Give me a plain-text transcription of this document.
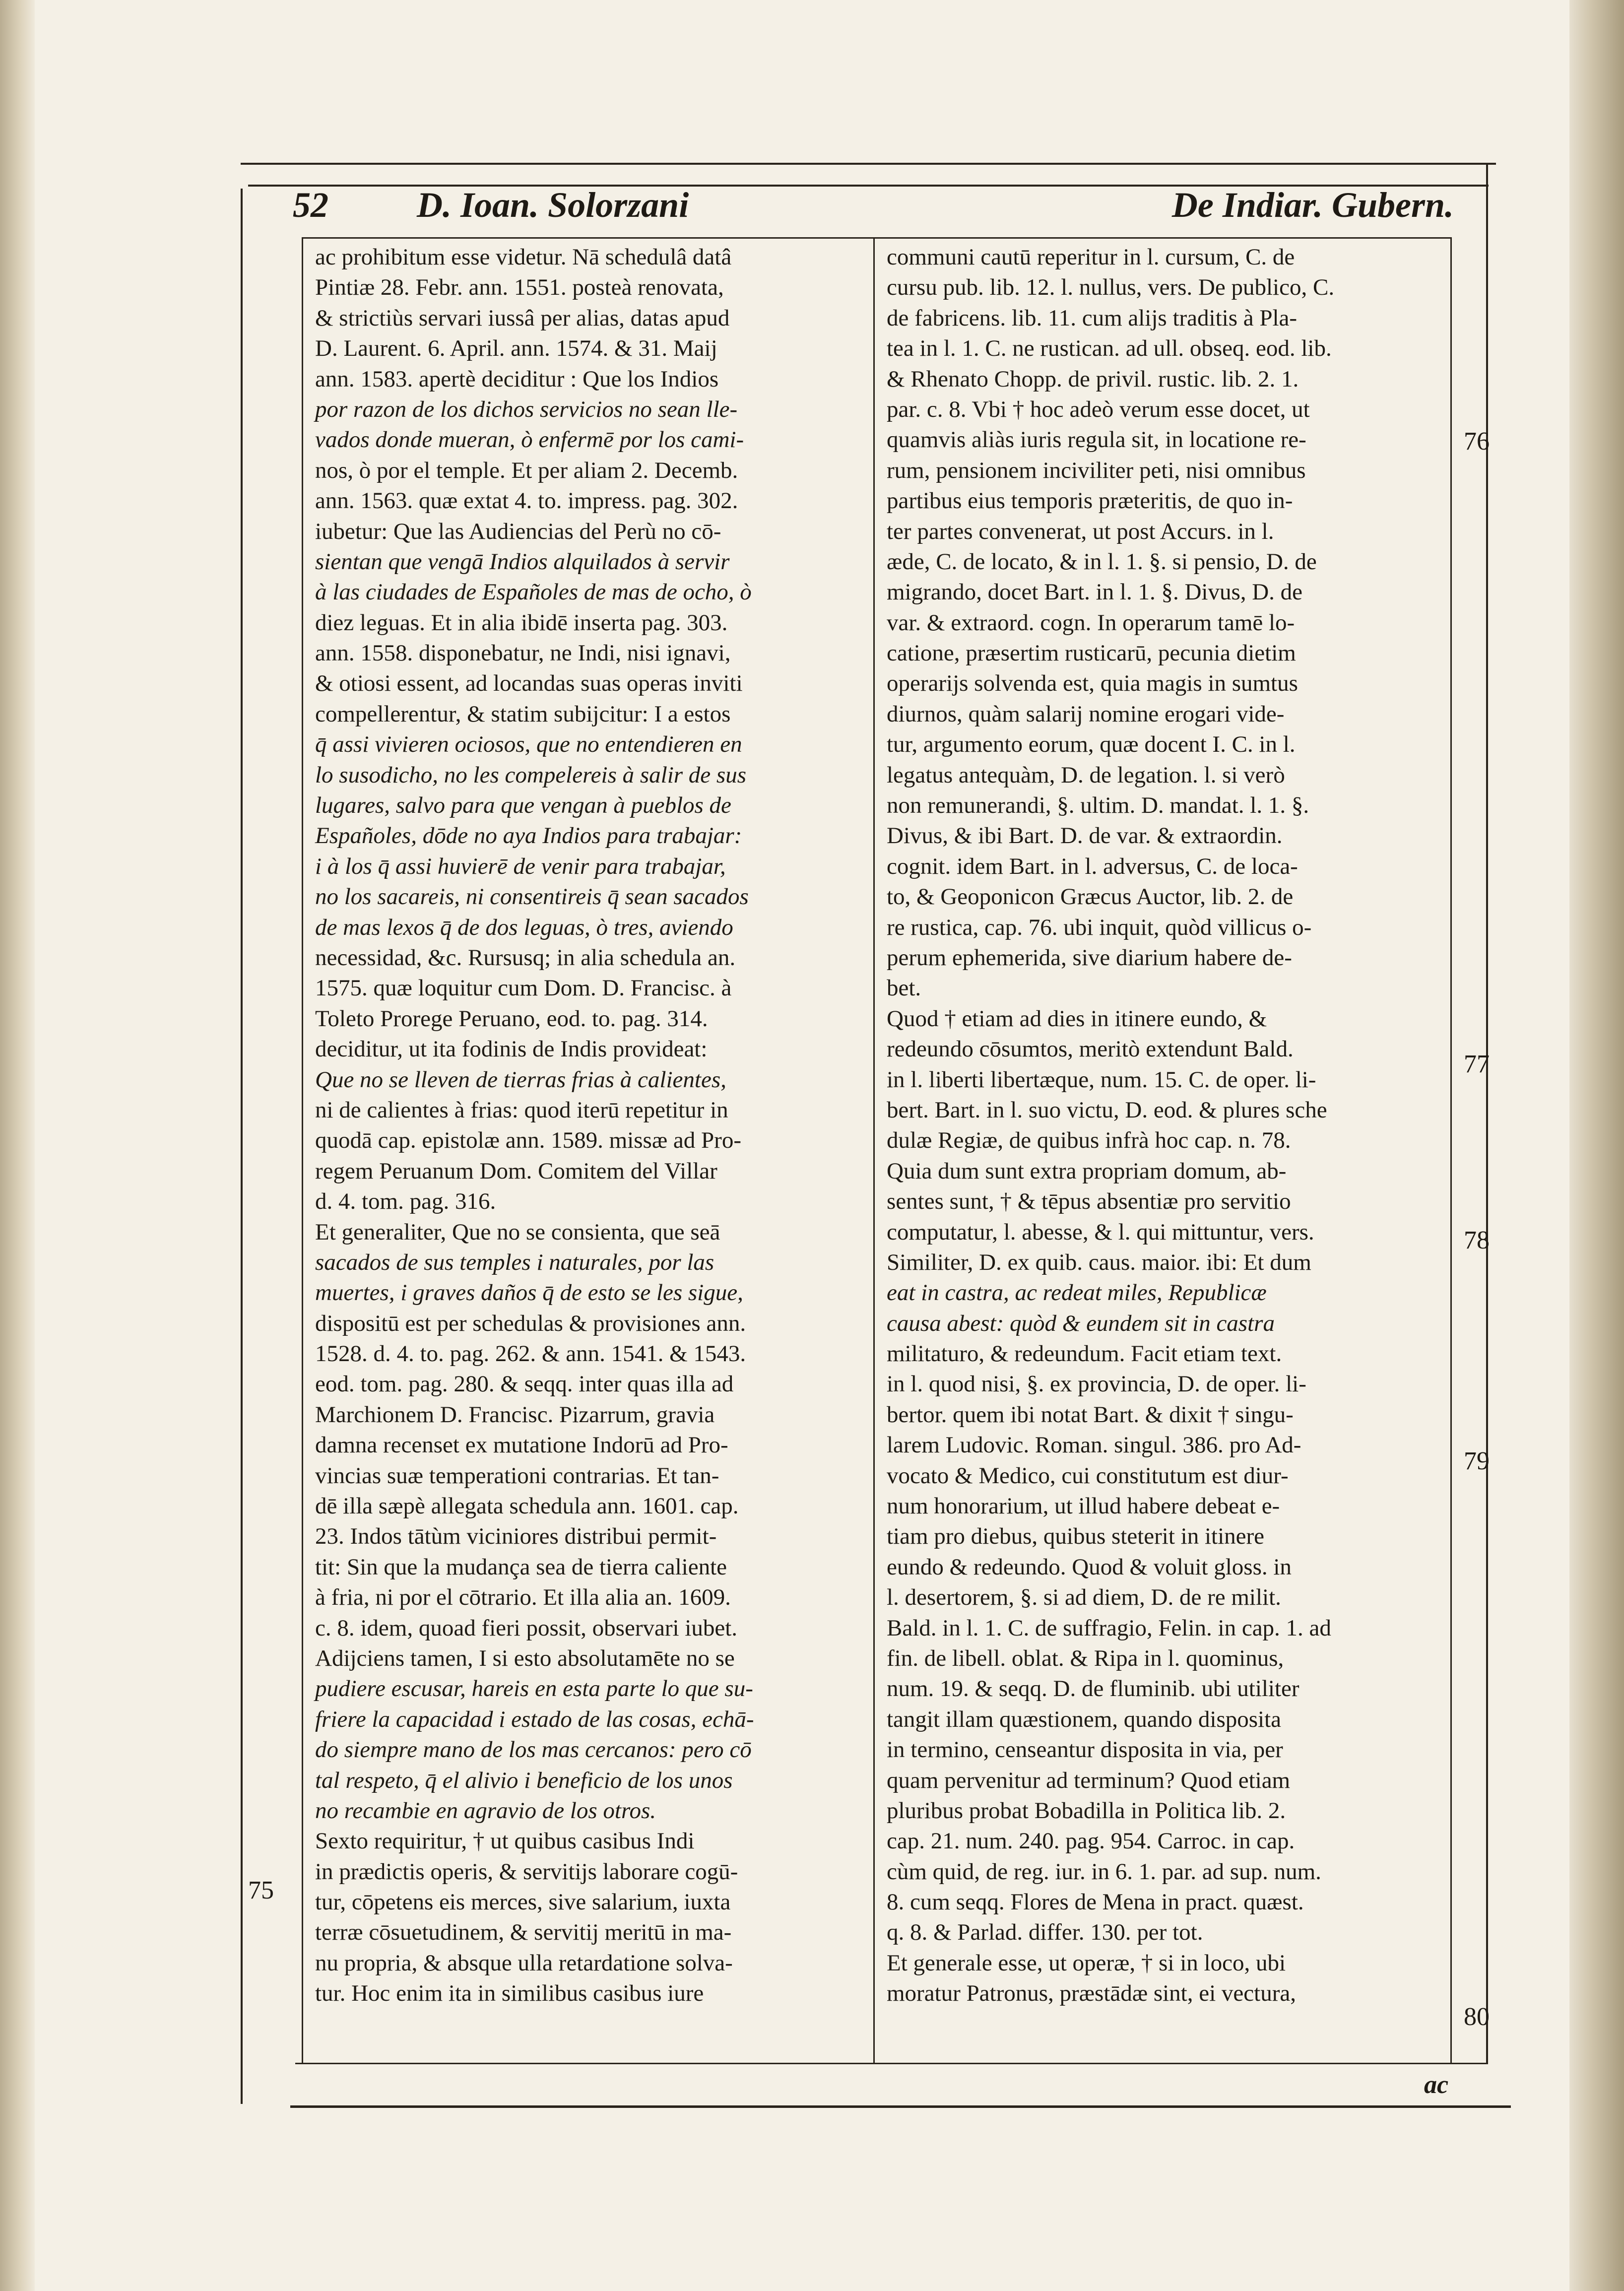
52 D. Ioan. Solorzani	De Indiar. Gubern.
ac prohibitum esse videtur. Nā schedulâ datâ
Pintiæ 28. Febr. ann. 1551. posteà renovata,
& strictiùs servari iussâ per alias, datas apud
D. Laurent. 6. April. ann. 1574. & 31. Maij
ann. 1583. apertè deciditur : Que los Indios
por razon de los dichos servicios no sean lle-
vados donde mueran, ò enfermē por los cami-
nos, ò por el temple. Et per aliam 2. Decemb.
ann. 1563. quæ extat 4. to. impress. pag. 302.
iubetur: Que las Audiencias del Perù no cō-
sientan que vengā Indios alquilados à servir
à las ciudades de Españoles de mas de ocho, ò
diez leguas. Et in alia ibidē inserta pag. 303.
ann. 1558. disponebatur, ne Indi, nisi ignavi,
& otiosi essent, ad locandas suas operas inviti
compellerentur, & statim subijcitur: I a estos
q̄ assi vivieren ociosos, que no entendieren en
lo susodicho, no les compelereis à salir de sus
lugares, salvo para que vengan à pueblos de
Españoles, dōde no aya Indios para trabajar:
i à los q̄ assi huvierē de venir para trabajar,
no los sacareis, ni consentireis q̄ sean sacados
de mas lexos q̄ de dos leguas, ò tres, aviendo
necessidad, &c. Rursusq; in alia schedula an.
1575. quæ loquitur cum Dom. D. Francisc. à
Toleto Prorege Peruano, eod. to. pag. 314.
deciditur, ut ita fodinis de Indis provideat:
Que no se lleven de tierras frias à calientes,
ni de calientes à frias: quod iterū repetitur in
quodā cap. epistolæ ann. 1589. missæ ad Pro-
regem Peruanum Dom. Comitem del Villar
d. 4. tom. pag. 316.
Et generaliter, Que no se consienta, que seā
sacados de sus temples i naturales, por las
muertes, i graves daños q̄ de esto se les sigue,
dispositū est per schedulas & provisiones ann.
1528. d. 4. to. pag. 262. & ann. 1541. & 1543.
eod. tom. pag. 280. & seqq. inter quas illa ad
Marchionem D. Francisc. Pizarrum, gravia
damna recenset ex mutatione Indorū ad Pro-
vincias suæ temperationi contrarias. Et tan-
dē illa sæpè allegata schedula ann. 1601. cap.
23. Indos tātùm viciniores distribui permit-
tit: Sin que la mudança sea de tierra caliente
à fria, ni por el cōtrario. Et illa alia an. 1609.
c. 8. idem, quoad fieri possit, observari iubet.
Adijciens tamen, I si esto absolutamēte no se
pudiere escusar, hareis en esta parte lo que su-
friere la capacidad i estado de las cosas, echā-
do siempre mano de los mas cercanos: pero cō
tal respeto, q̄ el alivio i beneficio de los unos
no recambie en agravio de los otros.
Sexto requiritur, † ut quibus casibus Indi
in prædictis operis, & servitijs laborare cogū-
tur, cōpetens eis merces, sive salarium, iuxta
terræ cōsuetudinem, & servitij meritū in ma-
nu propria, & absque ulla retardatione solva-
tur. Hoc enim ita in similibus casibus iure
communi cautū reperitur in l. cursum, C. de
cursu pub. lib. 12. l. nullus, vers. De publico, C.
de fabricens. lib. 11. cum alijs traditis à Pla-
tea in l. 1. C. ne rustican. ad ull. obseq. eod. lib.
& Rhenato Chopp. de privil. rustic. lib. 2. 1.
par. c. 8. Vbi † hoc adeò verum esse docet, ut
quamvis aliàs iuris regula sit, in locatione re-
rum, pensionem inciviliter peti, nisi omnibus
partibus eius temporis præteritis, de quo in-
ter partes convenerat, ut post Accurs. in l.
æde, C. de locato, & in l. 1. §. si pensio, D. de
migrando, docet Bart. in l. 1. §. Divus, D. de
var. & extraord. cogn. In operarum tamē lo-
catione, præsertim rusticarū, pecunia dietim
operarijs solvenda est, quia magis in sumtus
diurnos, quàm salarij nomine erogari vide-
tur, argumento eorum, quæ docent I. C. in l.
legatus antequàm, D. de legation. l. si verò
non remunerandi, §. ultim. D. mandat. l. 1. §.
Divus, & ibi Bart. D. de var. & extraordin.
cognit. idem Bart. in l. adversus, C. de loca-
to, & Geoponicon Græcus Auctor, lib. 2. de
re rustica, cap. 76. ubi inquit, quòd villicus o-
perum ephemerida, sive diarium habere de-
bet.
Quod † etiam ad dies in itinere eundo, &
redeundo cōsumtos, meritò extendunt Bald.
in l. liberti libertæque, num. 15. C. de oper. li-
bert. Bart. in l. suo victu, D. eod. & plures sche
dulæ Regiæ, de quibus infrà hoc cap. n. 78.
Quia dum sunt extra propriam domum, ab-
sentes sunt, † & tēpus absentiæ pro servitio
computatur, l. abesse, & l. qui mittuntur, vers.
Similiter, D. ex quib. caus. maior. ibi: Et dum
eat in castra, ac redeat miles, Republicæ
causa abest: quòd & eundem sit in castra
militaturo, & redeundum. Facit etiam text.
in l. quod nisi, §. ex provincia, D. de oper. li-
bertor. quem ibi notat Bart. & dixit † singu-
larem Ludovic. Roman. singul. 386. pro Ad-
vocato & Medico, cui constitutum est diur-
num honorarium, ut illud habere debeat e-
tiam pro diebus, quibus steterit in itinere
eundo & redeundo. Quod & voluit gloss. in
l. desertorem, §. si ad diem, D. de re milit.
Bald. in l. 1. C. de suffragio, Felin. in cap. 1. ad
fin. de libell. oblat. & Ripa in l. quominus,
num. 19. & seqq. D. de fluminib. ubi utiliter
tangit illam quæstionem, quando disposita
in termino, censeantur disposita in via, per
quam pervenitur ad terminum? Quod etiam
pluribus probat Bobadilla in Politica lib. 2.
cap. 21. num. 240. pag. 954. Carroc. in cap.
cùm quid, de reg. iur. in 6. 1. par. ad sup. num.
8. cum seqq. Flores de Mena in pract. quæst.
q. 8. & Parlad. differ. 130. per tot.
Et generale esse, ut operæ, † si in loco, ubi
moratur Patronus, præstādæ sint, ei vectura,
75
76
77
78
79
80
ac
